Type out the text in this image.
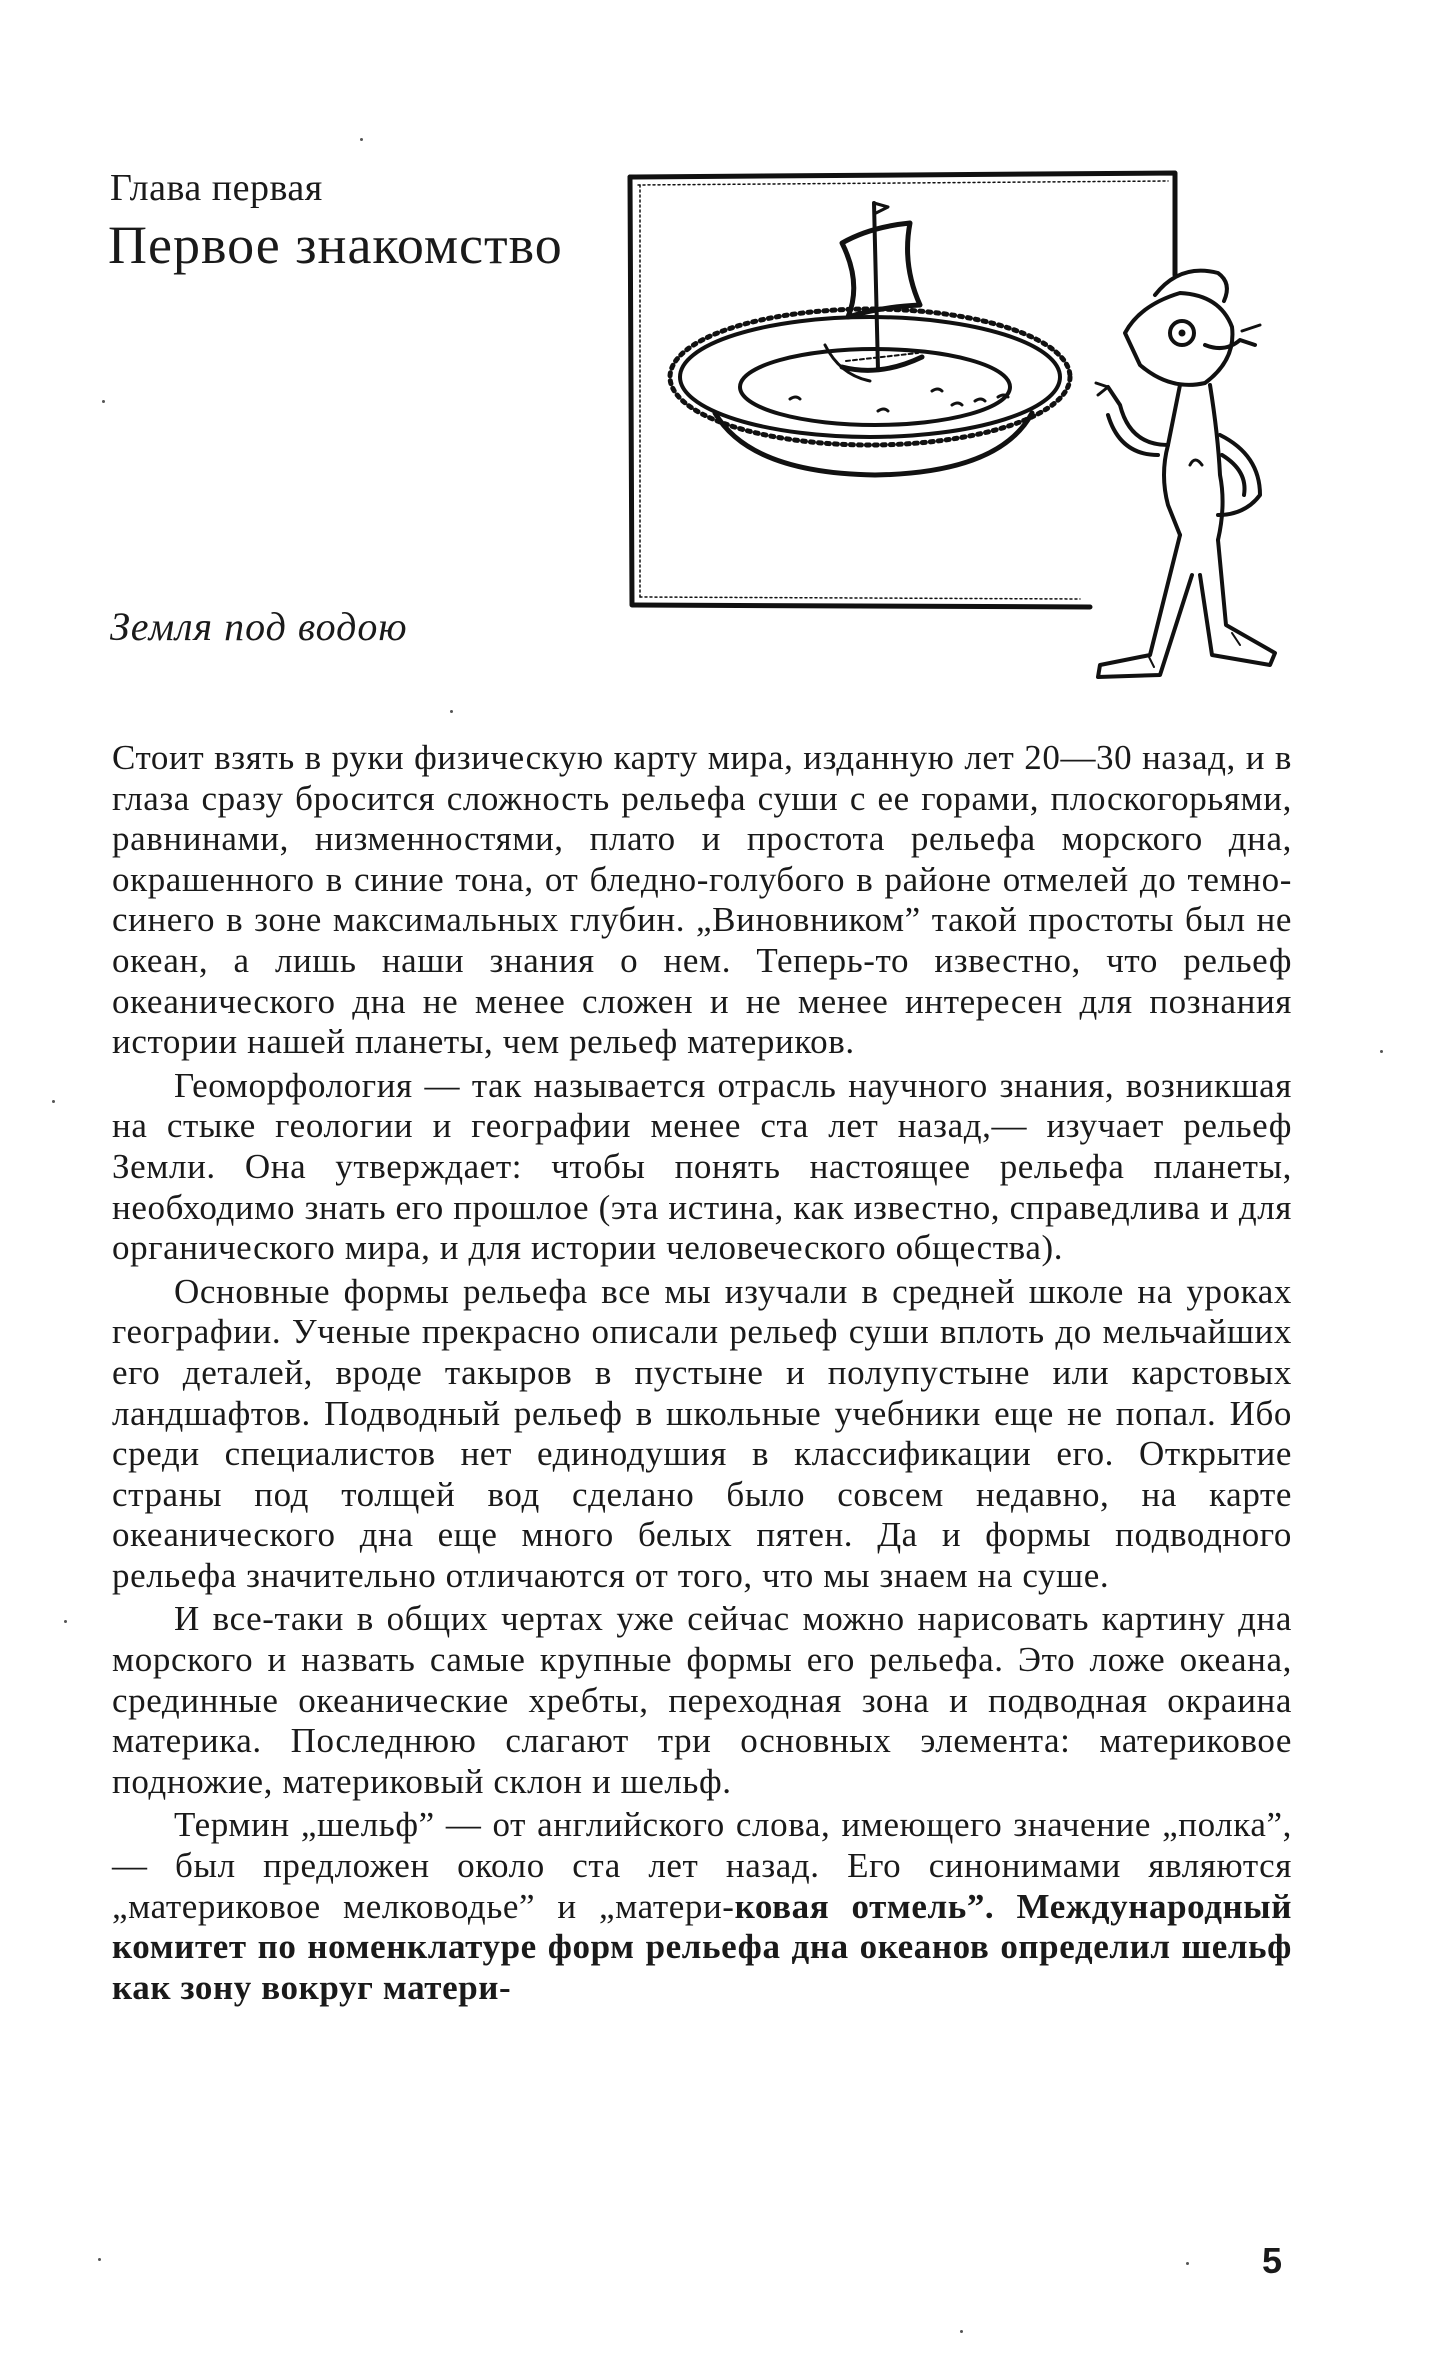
Глава первая
Первое знакомство
Земля под водою

Стоит взять в руки физическую карту мира, изданную лет 20—30 назад, и в глаза сразу бросится сложность рельефа суши с ее горами, плоскогорьями, равнинами, низменностями, плато и простота рельефа морского дна, окрашенного в синие тона, от бледно-голубого в районе отмелей до темно-синего в зоне максимальных глубин. „Виновником” такой простоты был не океан, а лишь наши знания о нем. Теперь-то известно, что рельеф океанического дна не менее сложен и не менее интересен для познания истории нашей планеты, чем рельеф материков.

Геоморфология — так называется отрасль научного знания, возникшая на стыке геологии и географии менее ста лет назад,— изучает рельеф Земли. Она утверждает: чтобы понять настоящее рельефа планеты, необходимо знать его прошлое (эта истина, как известно, справедлива и для органического мира, и для истории человеческого общества).

Основные формы рельефа все мы изучали в средней школе на уроках географии. Ученые прекрасно описали рельеф суши вплоть до мельчайших его деталей, вроде такыров в пустыне и полупустыне или карстовых ландшафтов. Подводный рельеф в школьные учебники еще не попал. Ибо среди специалистов нет единодушия в классификации его. Открытие страны под толщей вод сделано было совсем недавно, на карте океанического дна еще много белых пятен. Да и формы подводного рельефа значительно отличаются от того, что мы знаем на суше.

И все-таки в общих чертах уже сейчас можно нарисовать картину дна морского и назвать самые крупные формы его рельефа. Это ложе океана, срединные океанические хребты, переходная зона и подводная окраина материка. Последнюю слагают три основных элемента: материковое подножие, материковый склон и шельф.

Термин „шельф” — от английского слова, имеющего значение „полка”,— был предложен около ста лет назад. Его синонимами являются „материковое мелководье” и „матери-ковая отмель”. Международный комитет по номенклатуре форм рельефа дна океанов определил шельф как зону вокруг матери-

5
